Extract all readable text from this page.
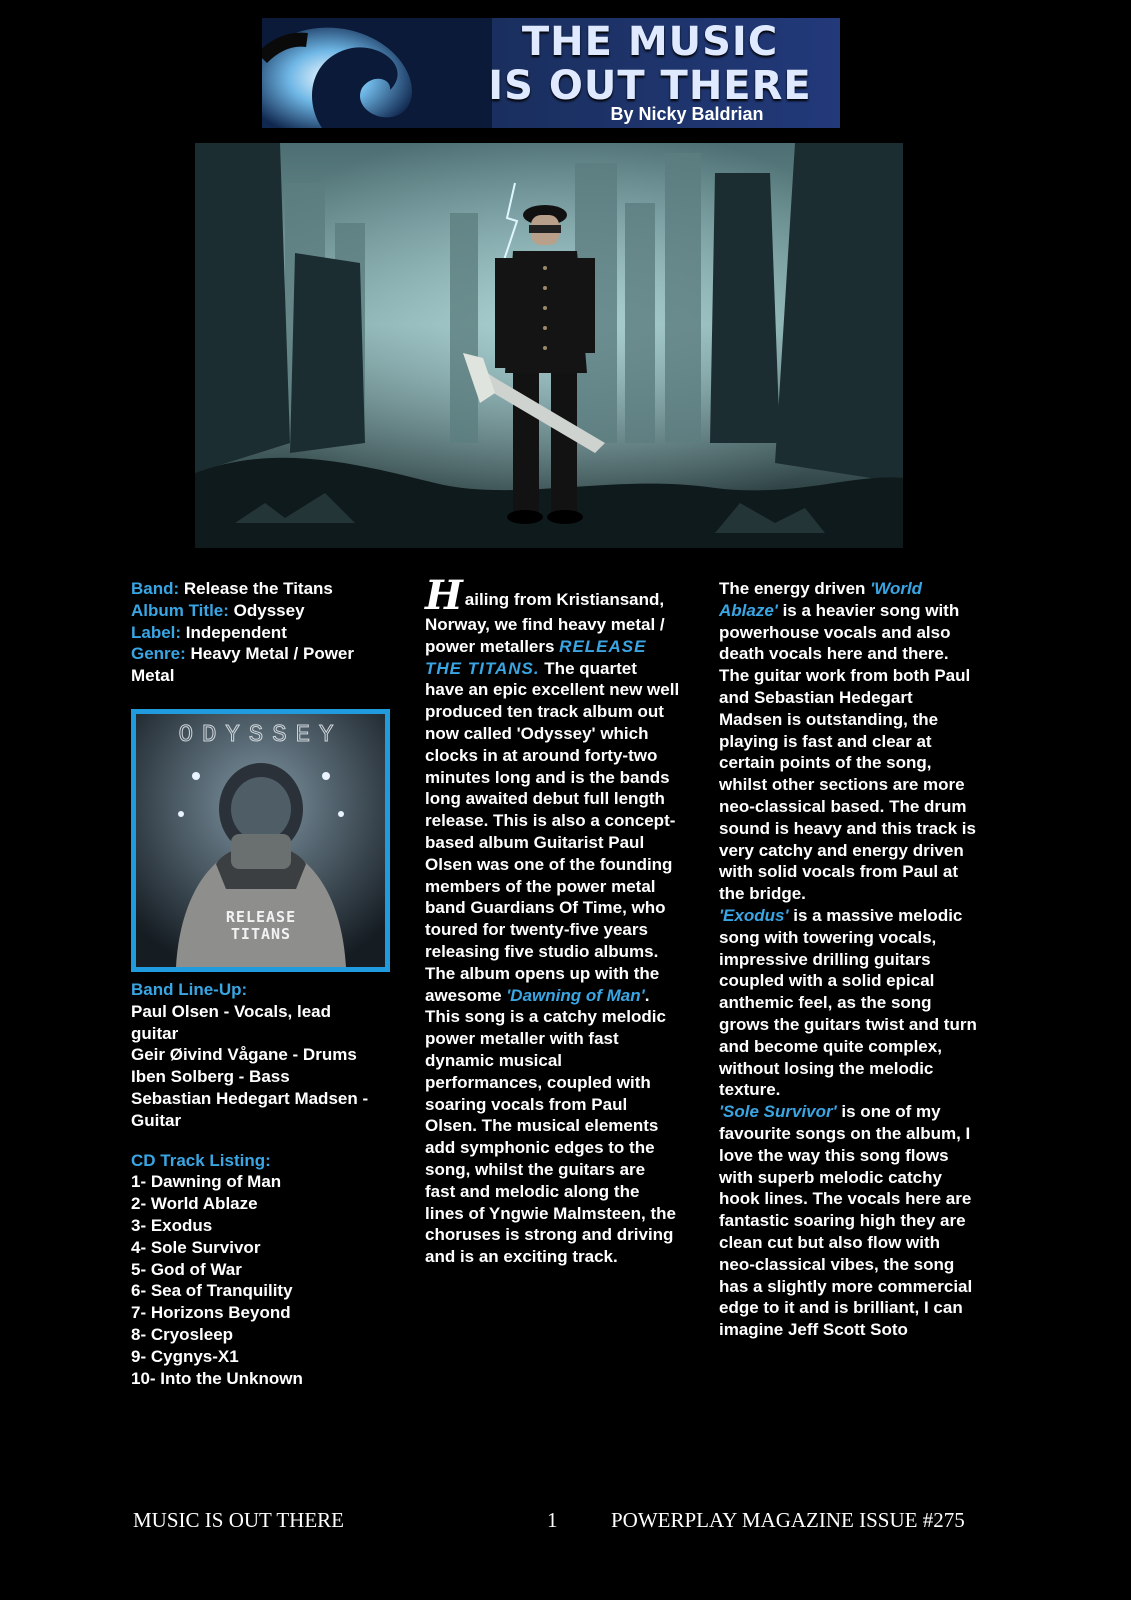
THE MUSIC
IS OUT THERE
By Nicky Baldrian
Band: Release the Titans
Album Title: Odyssey
Label: Independent
Genre: Heavy Metal / Power Metal
ODYSSEY
RELEASE
TITANS
Band Line-Up:
Paul Olsen - Vocals, lead guitar
Geir Øivind Vågane - Drums
Iben Solberg - Bass
Sebastian Hedegart Madsen - Guitar
CD Track Listing:
1- Dawning of Man
2- World Ablaze
3- Exodus
4- Sole Survivor
5- God of War
6- Sea of Tranquility
7- Horizons Beyond
8- Cryosleep
9- Cygnys-X1
10- Into the Unknown
Hailing from Kristiansand, Norway, we find heavy metal / power metallers RELEASE THE TITANS. The quartet have an epic excellent new well produced ten track album out now called 'Odyssey' which clocks in at around forty-two minutes long and is the bands long awaited debut full length release. This is also a concept-based album Guitarist Paul Olsen was one of the founding members of the power metal band Guardians Of Time, who toured for twenty-five years releasing five studio albums.
The album opens up with the awesome 'Dawning of Man'. This song is a catchy melodic power metaller with fast dynamic musical performances, coupled with soaring vocals from Paul Olsen. The musical elements add symphonic edges to the song, whilst the guitars are fast and melodic along the lines of Yngwie Malmsteen, the choruses is strong and driving and is an exciting track.
The energy driven 'World Ablaze' is a heavier song with powerhouse vocals and also death vocals here and there. The guitar work from both Paul and Sebastian Hedegart Madsen is outstanding, the playing is fast and clear at certain points of the song, whilst other sections are more neo-classical based. The drum sound is heavy and this track is very catchy and energy driven with solid vocals from Paul at the bridge.
'Exodus' is a massive melodic song with towering vocals, impressive drilling guitars coupled with a solid epical anthemic feel, as the song grows the guitars twist and turn and become quite complex, without losing the melodic texture.
'Sole Survivor' is one of my favourite songs on the album, I love the way this song flows with superb melodic catchy hook lines. The vocals here are fantastic soaring high they are clean cut but also flow with neo-classical vibes, the song has a slightly more commercial edge to it and is brilliant, I can imagine Jeff Scott Soto
MUSIC IS OUT THERE	1	POWERPLAY MAGAZINE ISSUE #275
